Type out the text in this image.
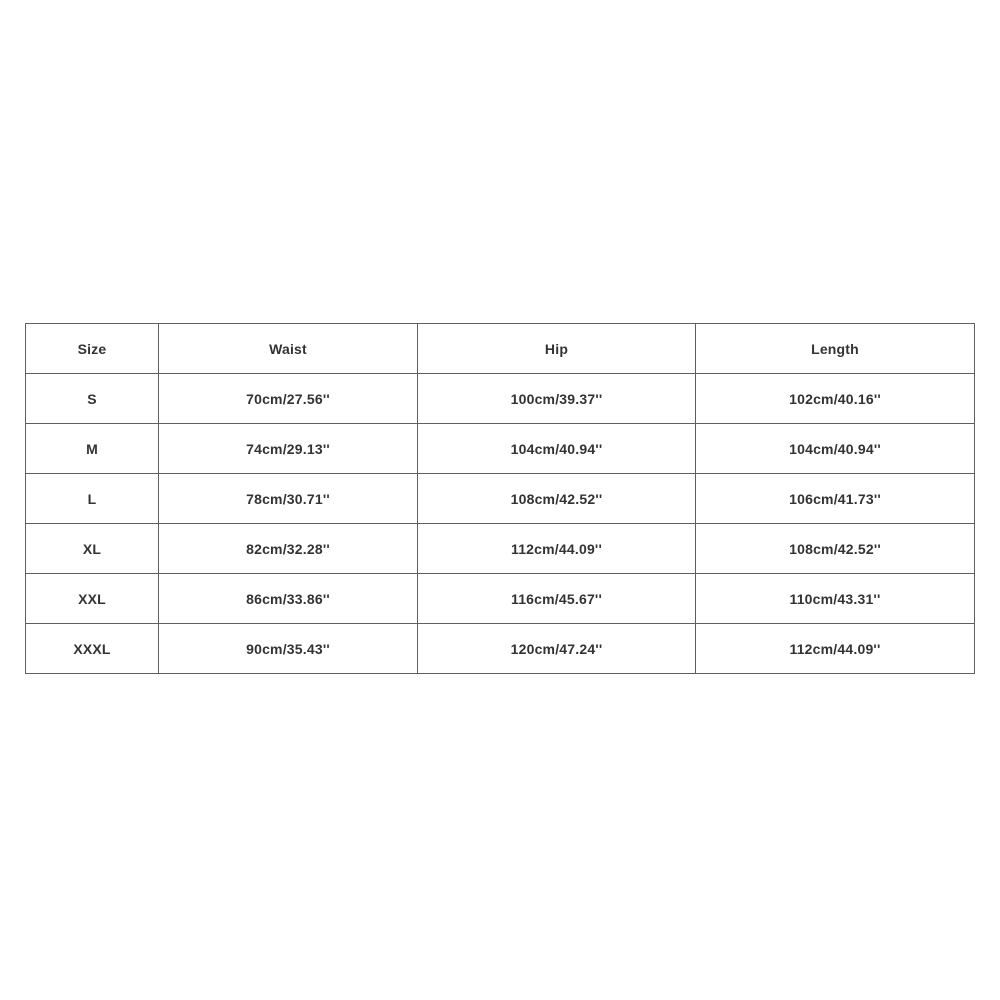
Size	Waist	Hip	Length
S	70cm/27.56''	100cm/39.37''	102cm/40.16''
M	74cm/29.13''	104cm/40.94''	104cm/40.94''
L	78cm/30.71''	108cm/42.52''	106cm/41.73''
XL	82cm/32.28''	112cm/44.09''	108cm/42.52''
XXL	86cm/33.86''	116cm/45.67''	110cm/43.31''
XXXL	90cm/35.43''	120cm/47.24''	112cm/44.09''
